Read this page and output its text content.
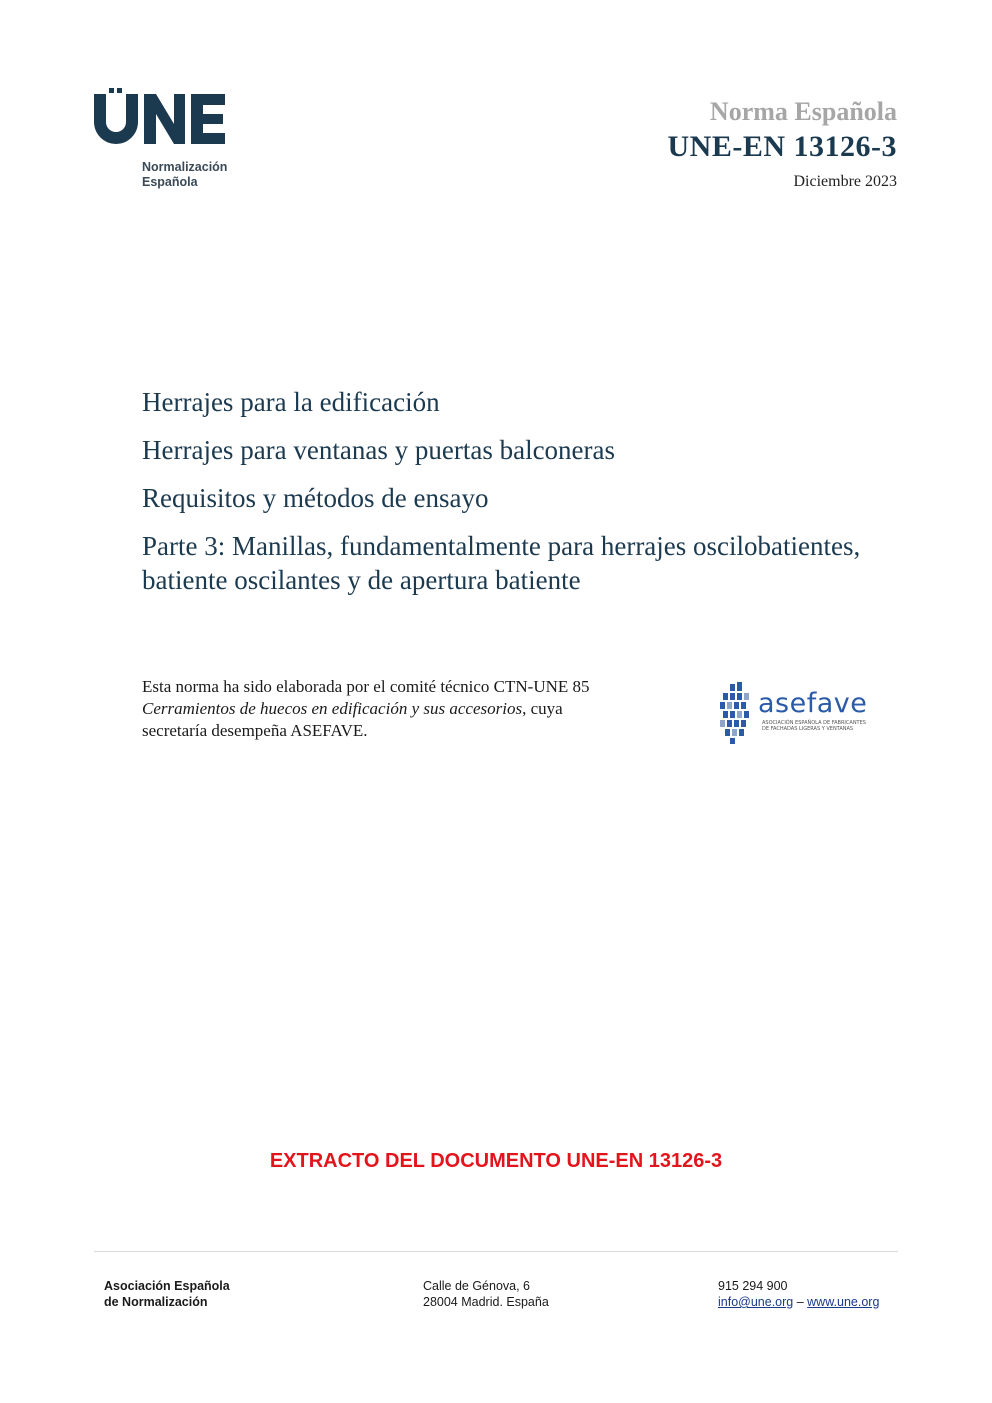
Normalización
Española
Norma Española
UNE-EN 13126-3
Diciembre 2023
Herrajes para la edificación
Herrajes para ventanas y puertas balconeras
Requisitos y métodos de ensayo
Parte 3: Manillas, fundamentalmente para herrajes oscilobatientes, batiente oscilantes y de apertura batiente
Esta norma ha sido elaborada por el comité técnico CTN-UNE 85 Cerramientos de huecos en edificación y sus accesorios, cuya secretaría desempeña ASEFAVE.
asefave
ASOCIACIÓN ESPAÑOLA DE FABRICANTES
DE FACHADAS LIGERAS Y VENTANAS
EXTRACTO DEL DOCUMENTO UNE-EN 13126-3
Asociación Española
de Normalización
Calle de Génova, 6
28004 Madrid. España
915 294 900
info@une.org – www.une.org
